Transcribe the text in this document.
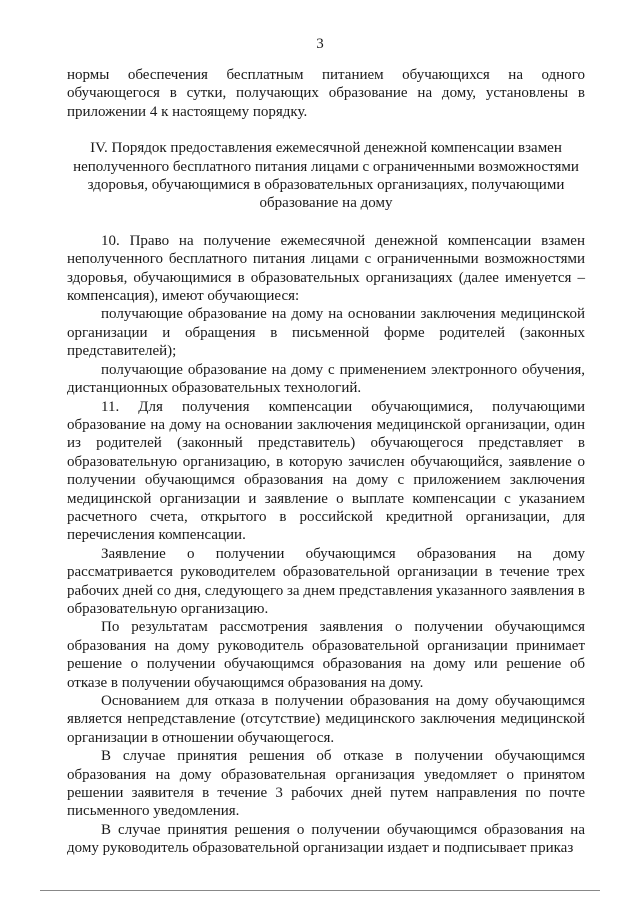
3

нормы обеспечения бесплатным питанием обучающихся на одного обучающегося в сутки, получающих образование на дому, установлены в приложении 4 к настоящему порядку.

IV. Порядок предоставления ежемесячной денежной компенсации взамен неполученного бесплатного питания лицами с ограниченными возможностями здоровья, обучающимися в образовательных организациях, получающими образование на дому

10. Право на получение ежемесячной денежной компенсации взамен неполученного бесплатного питания лицами с ограниченными возможностями здоровья, обучающимися в образовательных организациях (далее именуется – компенсация), имеют обучающиеся:

получающие образование на дому на основании заключения медицинской организации и обращения в письменной форме родителей (законных представителей);

получающие образование на дому с применением электронного обучения, дистанционных образовательных технологий.

11. Для получения компенсации обучающимися, получающими образование на дому на основании заключения медицинской организации, один из родителей (законный представитель) обучающегося представляет в образовательную организацию, в которую зачислен обучающийся, заявление о получении обучающимся образования на дому с приложением заключения медицинской организации и заявление о выплате компенсации с указанием расчетного счета, открытого в российской кредитной организации, для перечисления компенсации.

Заявление о получении обучающимся образования на дому рассматривается руководителем образовательной организации в течение трех рабочих дней со дня, следующего за днем представления указанного заявления в образовательную организацию.

По результатам рассмотрения заявления о получении обучающимся образования на дому руководитель образовательной организации принимает решение о получении обучающимся образования на дому или решение об отказе в получении обучающимся образования на дому.

Основанием для отказа в получении образования на дому обучающимся является непредставление (отсутствие) медицинского заключения медицинской организации в отношении обучающегося.

В случае принятия решения об отказе в получении обучающимся образования на дому образовательная организация уведомляет о принятом решении заявителя в течение 3 рабочих дней путем направления по почте письменного уведомления.

В случае принятия решения о получении обучающимся образования на дому руководитель образовательной организации издает и подписывает приказ
